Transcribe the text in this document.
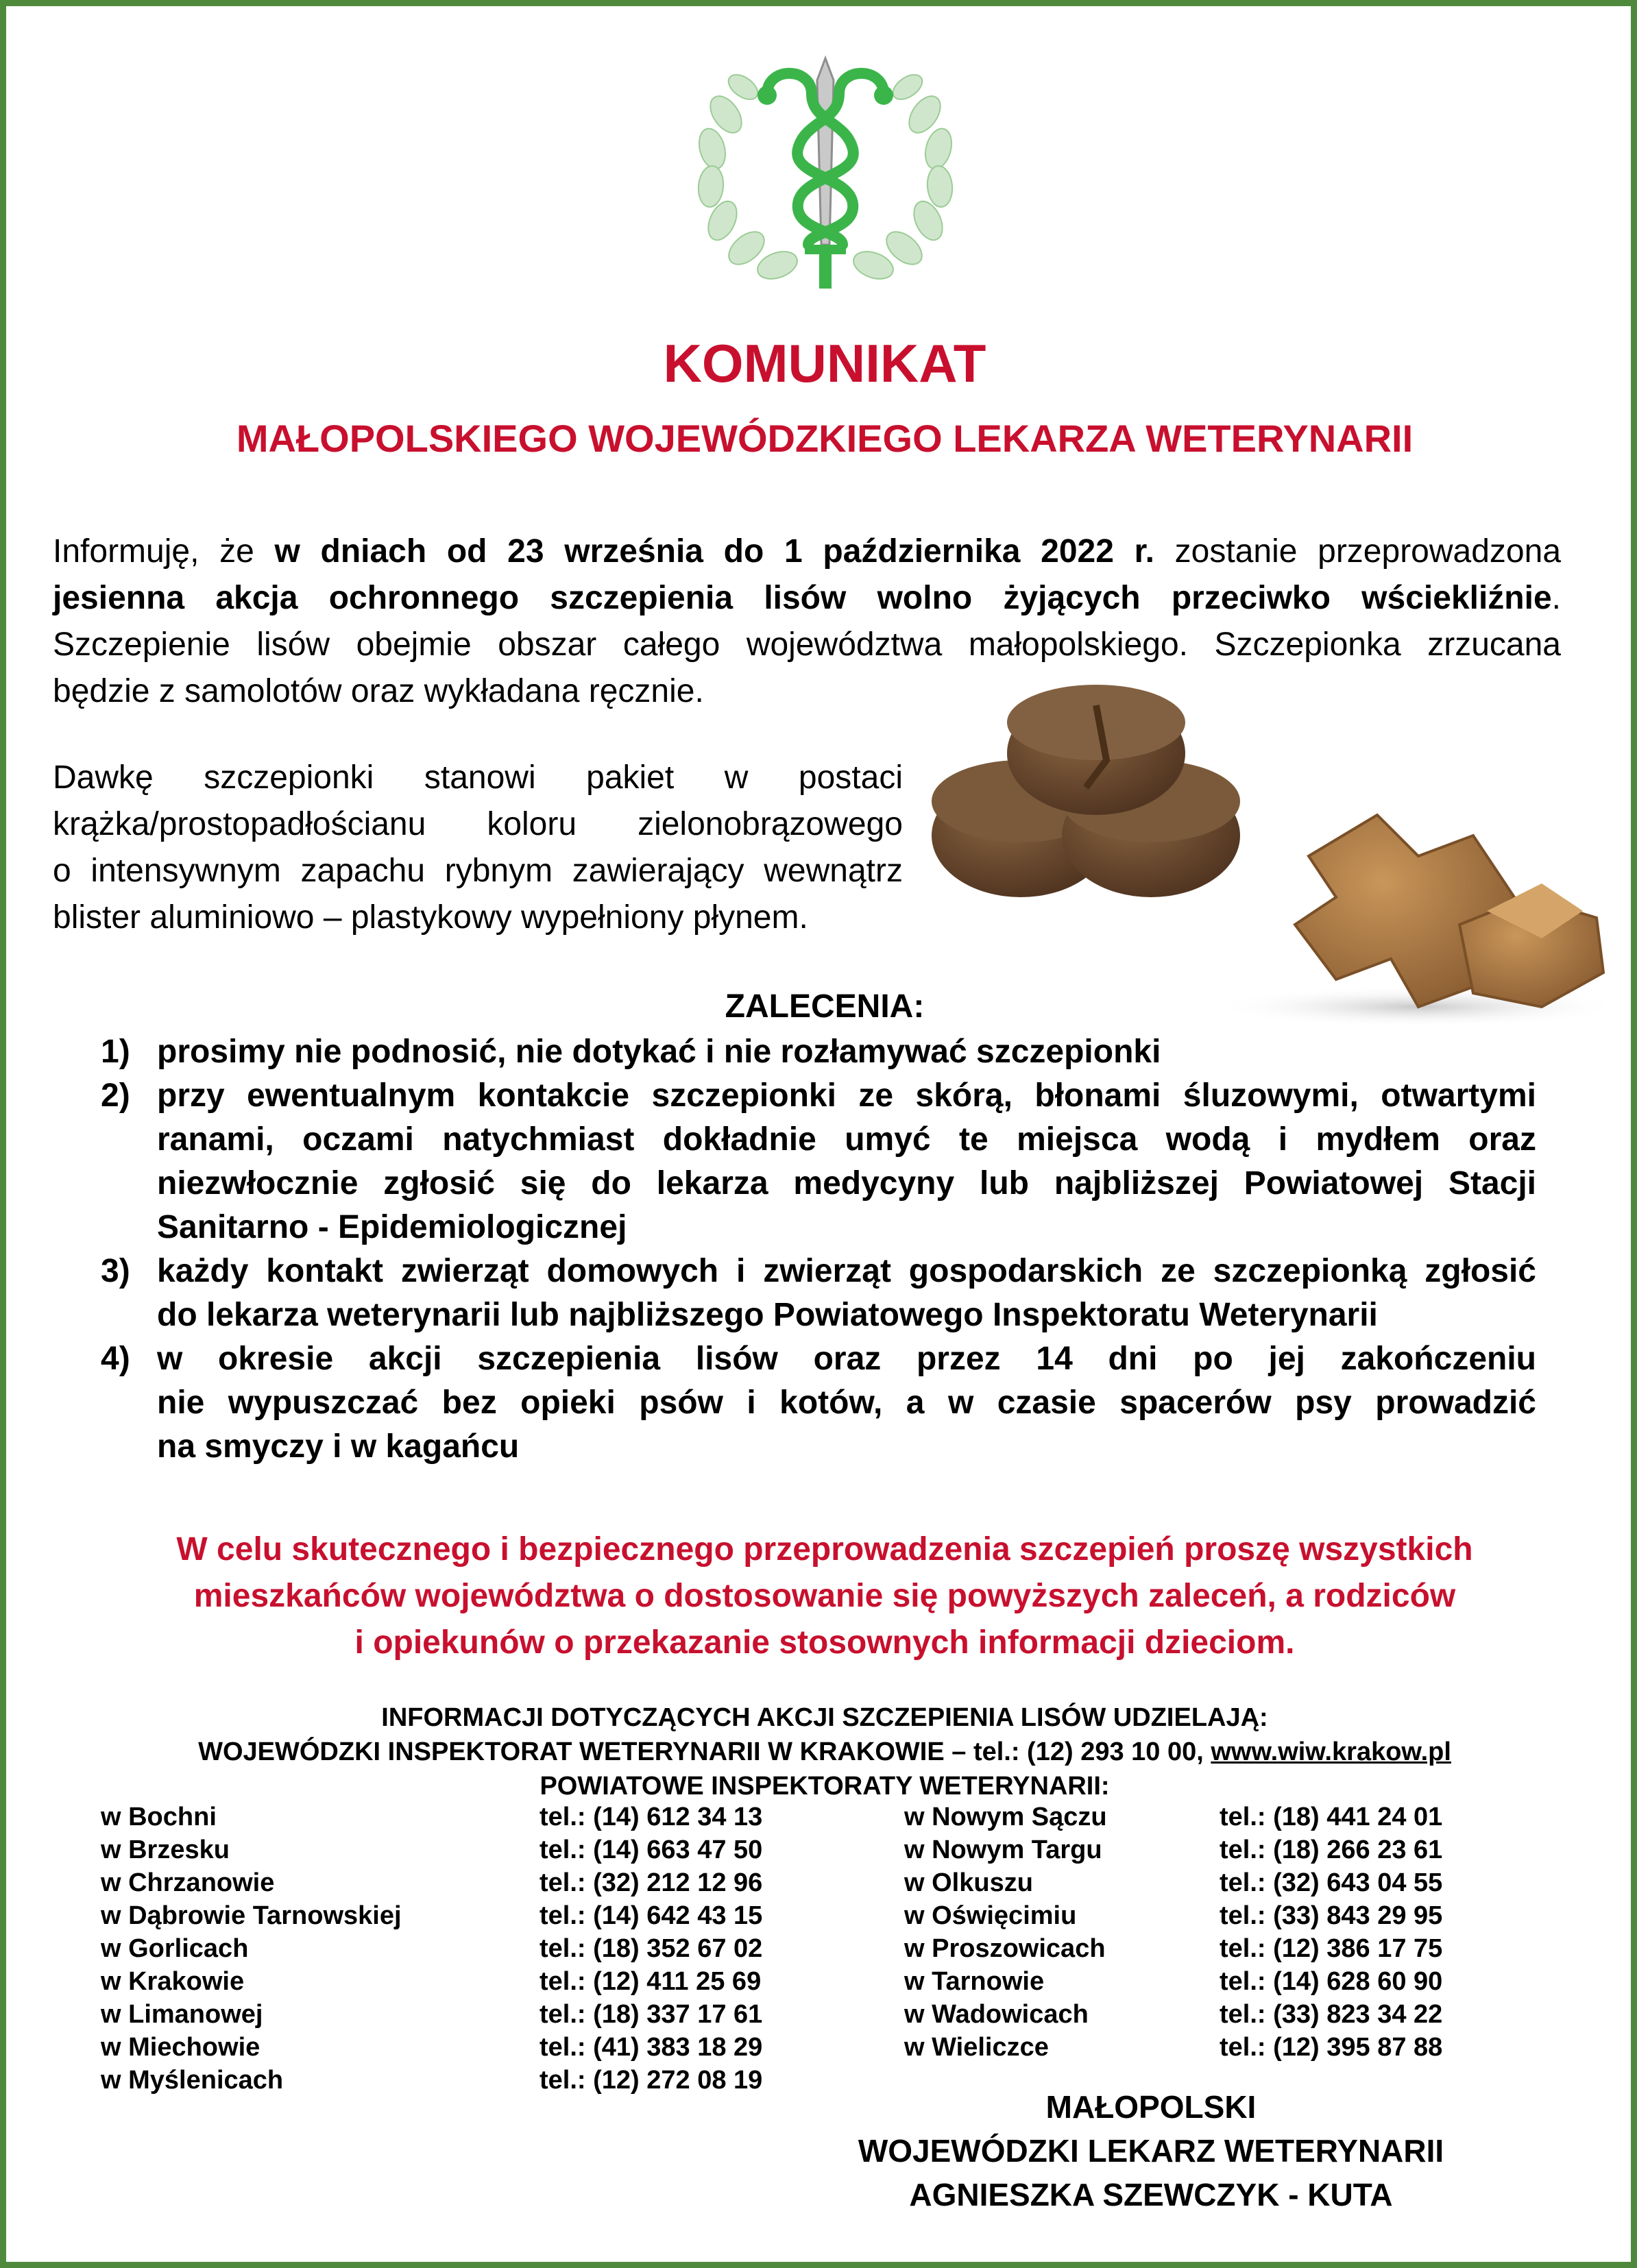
KOMUNIKAT
MAŁOPOLSKIEGO WOJEWÓDZKIEGO LEKARZA WETERYNARII
Informuję, że w dniach od 23 września do 1 października 2022 r. zostanie przeprowadzona
jesienna akcja ochronnego szczepienia lisów wolno żyjących przeciwko wściekliźnie.
Szczepienie lisów obejmie obszar całego województwa małopolskiego. Szczepionka zrzucana
będzie z samolotów oraz wykładana ręcznie.
Dawkę szczepionki stanowi pakiet w postaci
krążka/prostopadłościanu koloru zielonobrązowego
o intensywnym zapachu rybnym zawierający wewnątrz
blister aluminiowo – plastykowy wypełniony płynem.
ZALECENIA:
1) prosimy nie podnosić, nie dotykać i nie rozłamywać szczepionki
2) przy ewentualnym kontakcie szczepionki ze skórą, błonami śluzowymi, otwartymi
ranami, oczami natychmiast dokładnie umyć te miejsca wodą i mydłem oraz
niezwłocznie zgłosić się do lekarza medycyny lub najbliższej Powiatowej Stacji
Sanitarno - Epidemiologicznej
3) każdy kontakt zwierząt domowych i zwierząt gospodarskich ze szczepionką zgłosić
do lekarza weterynarii lub najbliższego Powiatowego Inspektoratu Weterynarii
4) w okresie akcji szczepienia lisów oraz przez 14 dni po jej zakończeniu
nie wypuszczać bez opieki psów i kotów, a w czasie spacerów psy prowadzić
na smyczy i w kagańcu
W celu skutecznego i bezpiecznego przeprowadzenia szczepień proszę wszystkich
mieszkańców województwa o dostosowanie się powyższych zaleceń, a rodziców
i opiekunów o przekazanie stosownych informacji dzieciom.
INFORMACJI DOTYCZĄCYCH AKCJI SZCZEPIENIA LISÓW UDZIELAJĄ:
WOJEWÓDZKI INSPEKTORAT WETERYNARII W KRAKOWIE – tel.: (12) 293 10 00, www.wiw.krakow.pl
POWIATOWE INSPEKTORATY WETERYNARII:
w Bochni	tel.: (14) 612 34 13
w Brzesku	tel.: (14) 663 47 50
w Chrzanowie	tel.: (32) 212 12 96
w Dąbrowie Tarnowskiej	tel.: (14) 642 43 15
w Gorlicach	tel.: (18) 352 67 02
w Krakowie	tel.: (12) 411 25 69
w Limanowej	tel.: (18) 337 17 61
w Miechowie	tel.: (41) 383 18 29
w Myślenicach	tel.: (12) 272 08 19
w Nowym Sączu	tel.: (18) 441 24 01
w Nowym Targu	tel.: (18) 266 23 61
w Olkuszu	tel.: (32) 643 04 55
w Oświęcimiu	tel.: (33) 843 29 95
w Proszowicach	tel.: (12) 386 17 75
w Tarnowie	tel.: (14) 628 60 90
w Wadowicach	tel.: (33) 823 34 22
w Wieliczce	tel.: (12) 395 87 88
MAŁOPOLSKI
WOJEWÓDZKI LEKARZ WETERYNARII
AGNIESZKA SZEWCZYK - KUTA
